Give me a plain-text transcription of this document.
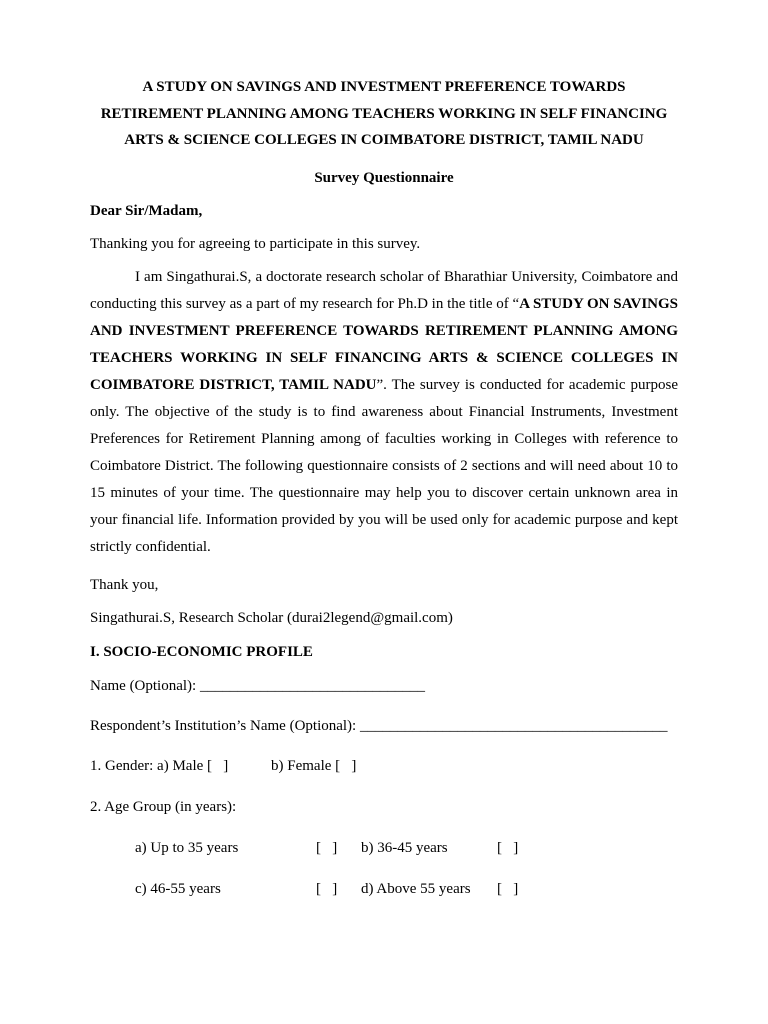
A STUDY ON SAVINGS AND INVESTMENT PREFERENCE TOWARDS
RETIREMENT PLANNING AMONG TEACHERS WORKING IN SELF FINANCING
ARTS & SCIENCE COLLEGES IN COIMBATORE DISTRICT, TAMIL NADU

Survey Questionnaire

Dear Sir/Madam,

Thanking you for agreeing to participate in this survey.

I am Singathurai.S, a doctorate research scholar of Bharathiar University, Coimbatore and conducting this survey as a part of my research for Ph.D in the title of “A STUDY ON SAVINGS AND INVESTMENT PREFERENCE TOWARDS RETIREMENT PLANNING AMONG TEACHERS WORKING IN SELF FINANCING ARTS & SCIENCE COLLEGES IN COIMBATORE DISTRICT, TAMIL NADU”. The survey is conducted for academic purpose only. The objective of the study is to find awareness about Financial Instruments, Investment Preferences for Retirement Planning among of faculties working in Colleges with reference to Coimbatore District. The following questionnaire consists of 2 sections and will need about 10 to 15 minutes of your time. The questionnaire may help you to discover certain unknown area in your financial life. Information provided by you will be used only for academic purpose and kept strictly confidential.

Thank you,

Singathurai.S, Research Scholar (durai2legend@gmail.com)

I. SOCIO-ECONOMIC PROFILE

Name (Optional): ______________________________

Respondent’s Institution’s Name (Optional): _________________________________________

1. Gender: a) Male [   ]	b) Female [   ]

2. Age Group (in years):

a) Up to 35 years	[   ] b) 36-45 years	[   ]

c) 46-55 years	[   ] d) Above 55 years [   ]
